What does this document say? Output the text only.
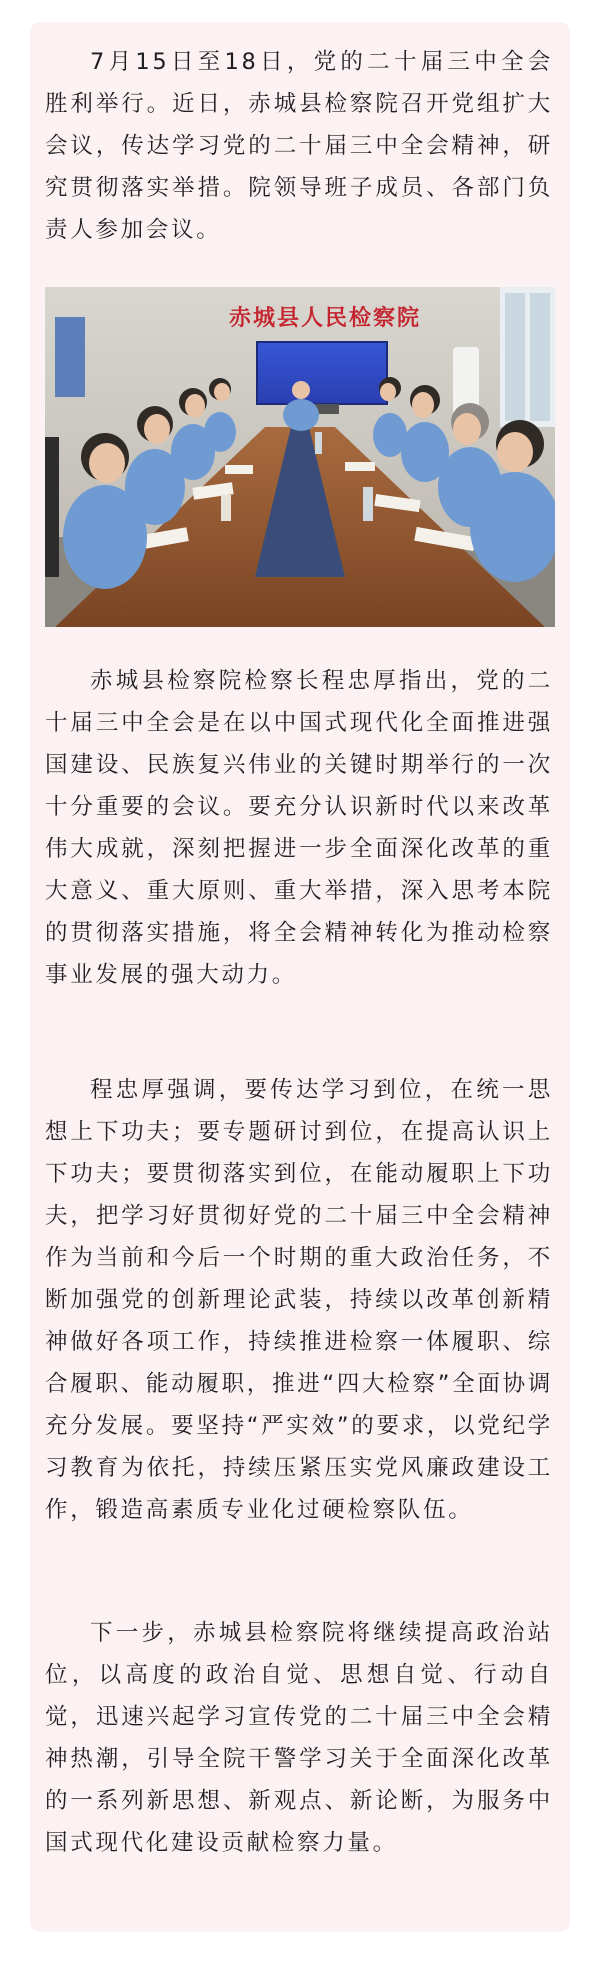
7月15日至18日，党的二十届三中全会胜利举行。近日，赤城县检察院召开党组扩大会议，传达学习党的二十届三中全会精神，研究贯彻落实举措。院领导班子成员、各部门负责人参加会议。

赤城县人民检察院

赤城县检察院检察长程忠厚指出，党的二十届三中全会是在以中国式现代化全面推进强国建设、民族复兴伟业的关键时期举行的一次十分重要的会议。要充分认识新时代以来改革伟大成就，深刻把握进一步全面深化改革的重大意义、重大原则、重大举措，深入思考本院的贯彻落实措施，将全会精神转化为推动检察事业发展的强大动力。

程忠厚强调，要传达学习到位，在统一思想上下功夫；要专题研讨到位，在提高认识上下功夫；要贯彻落实到位，在能动履职上下功夫，把学习好贯彻好党的二十届三中全会精神作为当前和今后一个时期的重大政治任务，不断加强党的创新理论武装，持续以改革创新精神做好各项工作，持续推进检察一体履职、综合履职、能动履职，推进“四大检察”全面协调充分发展。要坚持“严实效”的要求，以党纪学习教育为依托，持续压紧压实党风廉政建设工作，锻造高素质专业化过硬检察队伍。

下一步，赤城县检察院将继续提高政治站位，以高度的政治自觉、思想自觉、行动自觉，迅速兴起学习宣传党的二十届三中全会精神热潮，引导全院干警学习关于全面深化改革的一系列新思想、新观点、新论断，为服务中国式现代化建设贡献检察力量。
